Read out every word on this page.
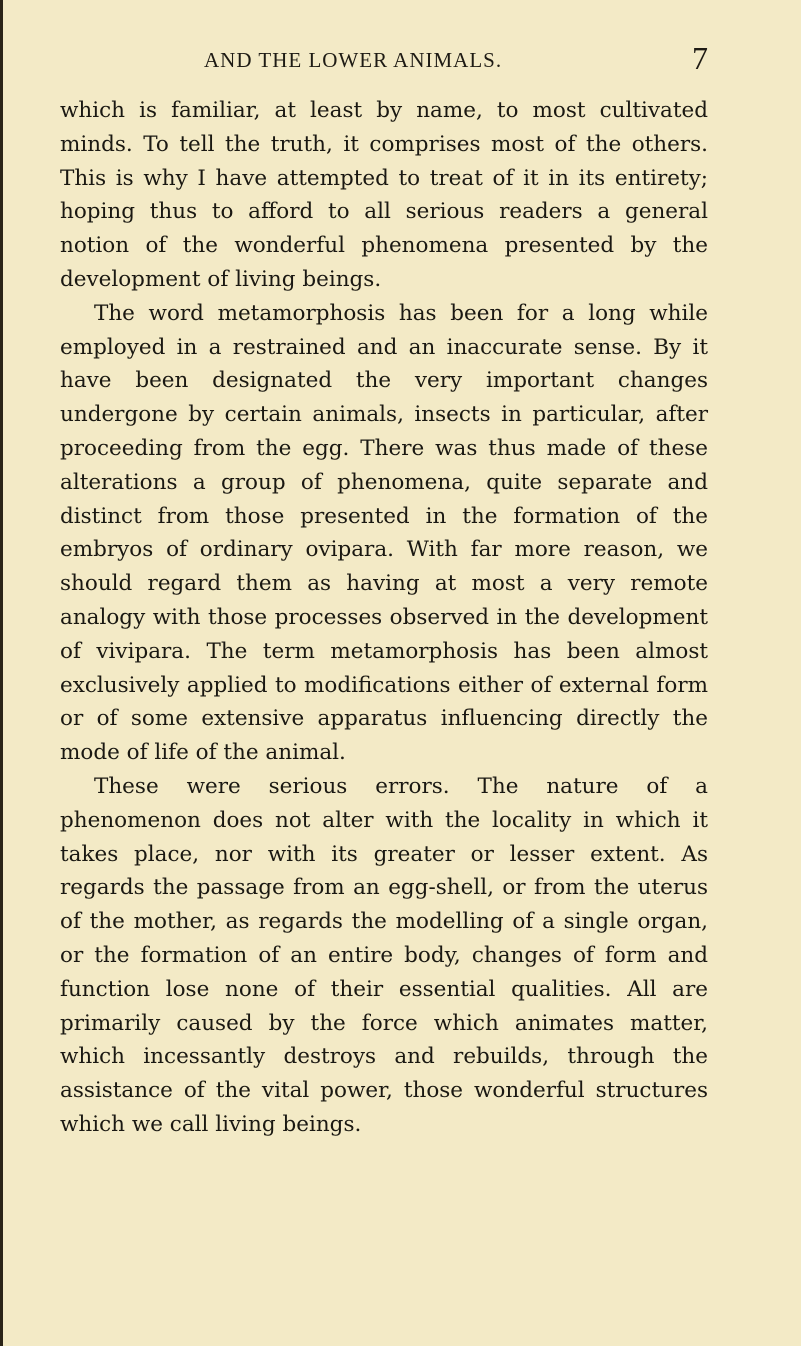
AND THE LOWER ANIMALS.	7

which is familiar, at least by name, to most cultivated minds. To tell the truth, it comprises most of the others. This is why I have attempted to treat of it in its entirety; hoping thus to afford to all serious readers a general notion of the wonderful phenomena presented by the development of living beings.

The word metamorphosis has been for a long while employed in a restrained and an inaccurate sense. By it have been designated the very important changes undergone by certain animals, insects in particular, after proceeding from the egg. There was thus made of these alterations a group of phenomena, quite separate and distinct from those presented in the formation of the embryos of ordinary ovipara. With far more reason, we should regard them as having at most a very remote analogy with those processes observed in the development of vivipara. The term metamorphosis has been almost exclusively applied to modifications either of external form or of some extensive apparatus influencing directly the mode of life of the animal.

These were serious errors. The nature of a phenomenon does not alter with the locality in which it takes place, nor with its greater or lesser extent. As regards the passage from an egg-shell, or from the uterus of the mother, as regards the modelling of a single organ, or the formation of an entire body, changes of form and function lose none of their essential qualities. All are primarily caused by the force which animates matter, which incessantly destroys and rebuilds, through the assistance of the vital power, those wonderful structures which we call living beings.
